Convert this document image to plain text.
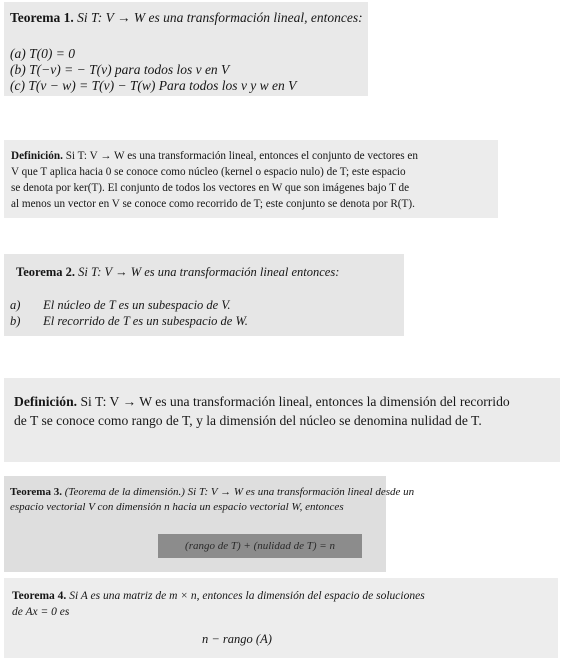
Teorema 1. Si T: V → W es una transformación lineal, entonces:
(a) T(0) = 0
(b) T(−v) = − T(v) para todos los v en V
(c) T(v − w) = T(v) − T(w) Para todos los v y w en V
Definición. Si T: V → W es una transformación lineal, entonces el conjunto de vectores en
V que T aplica hacia 0 se conoce como núcleo (kernel o espacio nulo) de T; este espacio
se denota por ker(T). El conjunto de todos los vectores en W que son imágenes bajo T de
al menos un vector en V se conoce como recorrido de T; este conjunto se denota por R(T).
Teorema 2. Si T: V → W es una transformación lineal entonces:
a) El núcleo de T es un subespacio de V.
b) El recorrido de T es un subespacio de W.
Definición. Si T: V → W es una transformación lineal, entonces la dimensión del recorrido
de T se conoce como rango de T, y la dimensión del núcleo se denomina nulidad de T.
Teorema 3. (Teorema de la dimensión.) Si T: V → W es una transformación lineal desde un
espacio vectorial V con dimensión n hacia un espacio vectorial W, entonces
(rango de T) + (nulidad de T) = n
Teorema 4. Si A es una matriz de m × n, entonces la dimensión del espacio de soluciones
de Ax = 0 es
n − rango (A)
